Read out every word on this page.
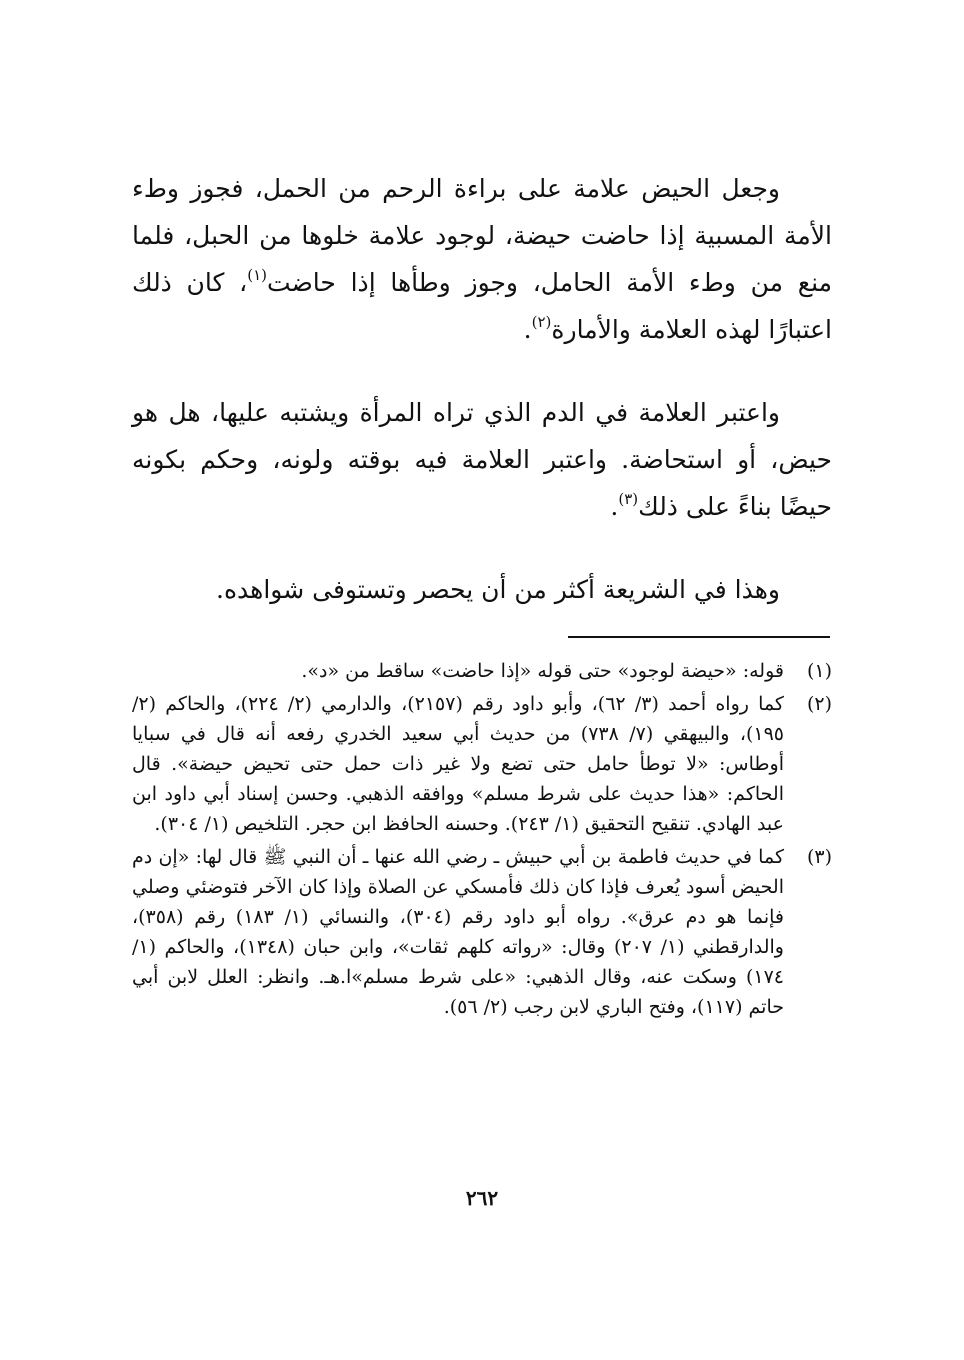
وجعل الحيض علامة على براءة الرحم من الحمل، فجوز وطء الأمة المسبية إذا حاضت حيضة، لوجود علامة خلوها من الحبل، فلما منع من وطء الأمة الحامل، وجوز وطأها إذا حاضت$^{(١)}$، كان ذلك اعتبارًا لهذه العلامة والأمارة$^{(٢)}$.

واعتبر العلامة في الدم الذي تراه المرأة ويشتبه عليها، هل هو حيض، أو استحاضة. واعتبر العلامة فيه بوقته ولونه، وحكم بكونه حيضًا بناءً على ذلك$^{(٣)}$.

وهذا في الشريعة أكثر من أن يحصر وتستوفى شواهده.

(١)
قوله: «حيضة لوجود» حتى قوله «إذا حاضت» ساقط من «د».
(٢)
كما رواه أحمد (٣/ ٦٢)، وأبو داود رقم (٢١٥٧)، والدارمي (٢/ ٢٢٤)، والحاكم (٢/ ١٩٥)، والبيهقي (٧/ ٧٣٨) من حديث أبي سعيد الخدري رفعه أنه قال في سبايا أوطاس: «لا توطأ حامل حتى تضع ولا غير ذات حمل حتى تحيض حيضة». قال الحاكم: «هذا حديث على شرط مسلم» ووافقه الذهبي. وحسن إسناد أبي داود ابن عبد الهادي. تنقيح التحقيق (١/ ٢٤٣). وحسنه الحافظ ابن حجر. التلخيص (١/ ٣٠٤).
(٣)
كما في حديث فاطمة بن أبي حبيش ـ رضي الله عنها ـ أن النبي ﷺ قال لها: «إن دم الحيض أسود يُعرف فإذا كان ذلك فأمسكي عن الصلاة وإذا كان الآخر فتوضئي وصلي فإنما هو دم عرق». رواه أبو داود رقم (٣٠٤)، والنسائي (١/ ١٨٣) رقم (٣٥٨)، والدارقطني (١/ ٢٠٧) وقال: «رواته كلهم ثقات»، وابن حبان (١٣٤٨)، والحاكم (١/ ١٧٤) وسكت عنه، وقال الذهبي: «على شرط مسلم»ا.هـ. وانظر: العلل لابن أبي حاتم (١١٧)، وفتح الباري لابن رجب (٢/ ٥٦).
٢٦٢
